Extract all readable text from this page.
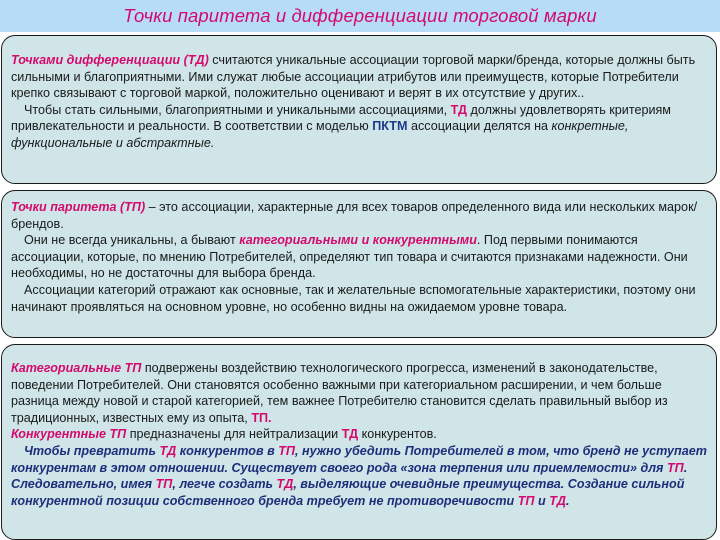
Точки паритета и дифференциации торговой марки

Точками дифференциации (ТД) считаются уникальные ассоциации торговой марки/бренда, которые должны быть сильными и благоприятными. Ими служат любые ассоциации атрибутов или преимуществ, которые Потребители крепко связывают с торговой маркой, положительно оценивают и верят в их отсутствие у других..

Чтобы стать сильными, благоприятными и уникальными ассоциациями, ТД должны удовлетворять критериям привлекательности и реальности. В соответствии с моделью ПКТМ ассоциации делятся на конкретные, функциональные и абстрактные.

Точки паритета (ТП) – это ассоциации, характерные для всех товаров определенного вида или нескольких марок/брендов.

Они не всегда уникальны, а бывают категориальными и конкурентными. Под первыми понимаются ассоциации, которые, по мнению Потребителей, определяют тип товара и считаются признаками надежности. Они необходимы, но не достаточны для выбора бренда.

Ассоциации категорий отражают как основные, так и желательные вспомогательные характеристики, поэтому они начинают проявляться на основном уровне, но особенно видны на ожидаемом уровне товара.

Категориальные ТП подвержены воздействию технологического прогресса, изменений в законодательстве, поведении Потребителей. Они становятся особенно важными при категориальном расширении, и чем больше разница между новой и старой категорией, тем важнее Потребителю становится сделать правильный выбор из традиционных, известных ему из опыта, ТП.

Конкурентные ТП предназначены для нейтрализации ТД конкурентов.

Чтобы превратить ТД конкурентов в ТП, нужно убедить Потребителей в том, что бренд не уступает конкурентам в этом отношении. Существует своего рода «зона терпения или приемлемости» для ТП. Следовательно, имея ТП, легче создать ТД, выделяющие очевидные преимущества. Создание сильной конкурентной позиции собственного бренда требует не противоречивости ТП и ТД.
